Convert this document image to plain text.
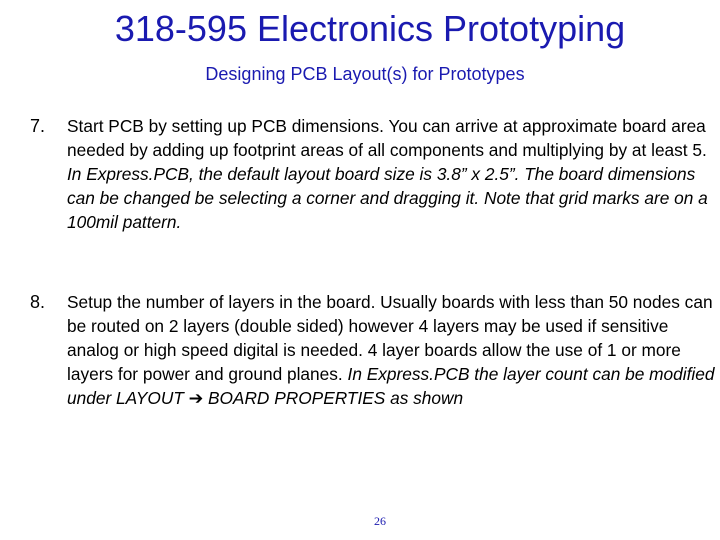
318-595 Electronics Prototyping
Designing PCB Layout(s) for Prototypes
7. Start PCB by setting up PCB dimensions. You can arrive at approximate board area needed by adding up footprint areas of all components and multiplying by at least 5. In Express.PCB, the default layout board size is 3.8” x 2.5”. The board dimensions can be changed be selecting a corner and dragging it. Note that grid marks are on a 100mil pattern.
8. Setup the number of layers in the board. Usually boards with less than 50 nodes can be routed on 2 layers (double sided) however 4 layers may be used if sensitive analog or high speed digital is needed. 4 layer boards allow the use of 1 or more layers for power and ground planes. In Express.PCB the layer count can be modified under LAYOUT ➔ BOARD PROPERTIES as shown
26
